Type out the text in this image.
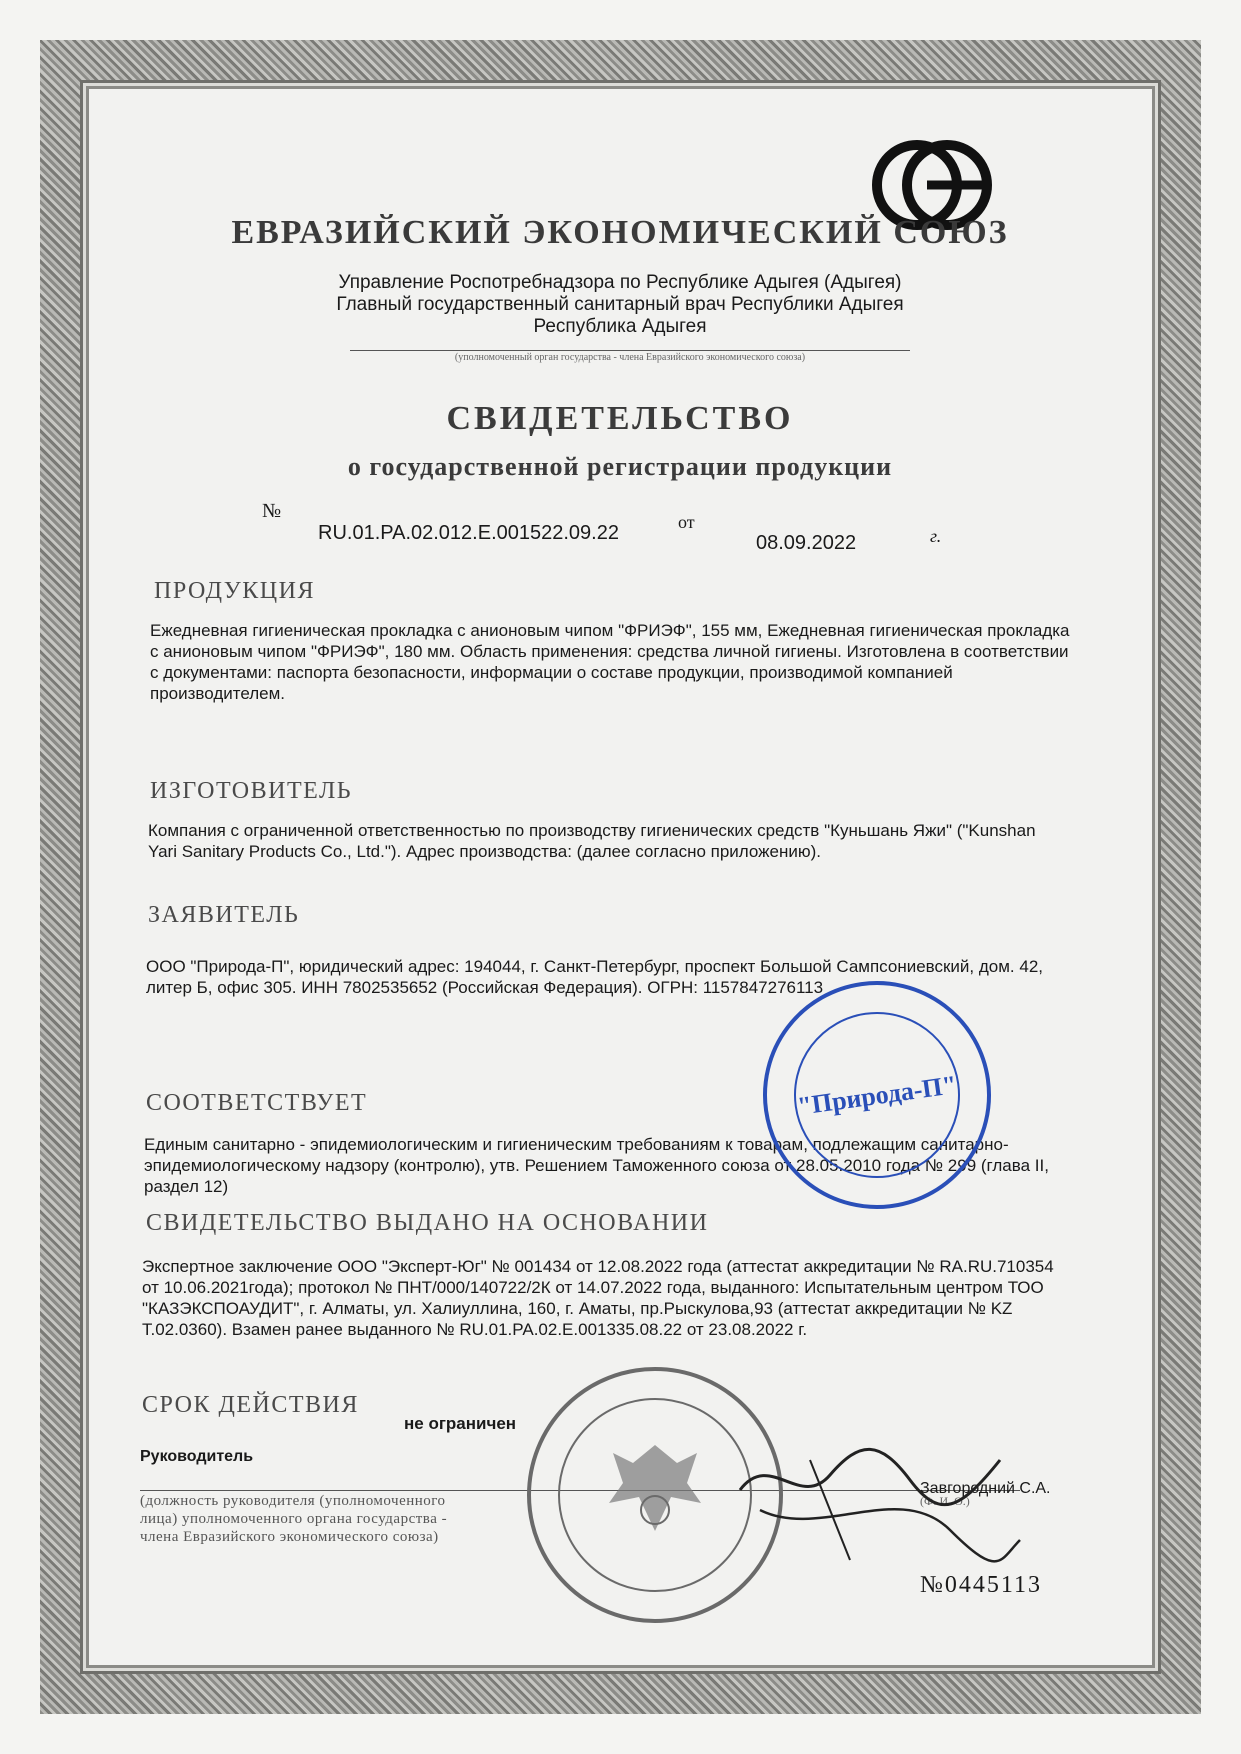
ЕВРАЗИЙСКИЙ ЭКОНОМИЧЕСКИЙ СОЮЗ
Управление Роспотребнадзора по Республике Адыгея (Адыгея)
Главный государственный санитарный врач Республики Адыгея
Республика Адыгея
(уполномоченный орган государства - члена Евразийского экономического союза)
СВИДЕТЕЛЬСТВО
о государственной регистрации продукции
№
RU.01.PA.02.012.E.001522.09.22	от
08.09.2022	г.
ПРОДУКЦИЯ
Ежедневная гигиеническая прокладка с анионовым чипом "ФРИЭФ", 155 мм, Ежедневная гигиеническая прокладка с анионовым чипом "ФРИЭФ", 180 мм. Область применения: средства личной гигиены. Изготовлена в соответствии с документами: паспорта безопасности, информации о составе продукции, производимой компанией производителем.
ИЗГОТОВИТЕЛЬ
Компания с ограниченной ответственностью по производству гигиенических средств "Куньшань Яжи" ("Kunshan Yari Sanitary Products Co., Ltd."). Адрес производства: (далее согласно приложению).
ЗАЯВИТЕЛЬ
ООО "Природа-П", юридический адрес: 194044, г. Санкт-Петербург, проспект Большой Сампсониевский, дом. 42, литер Б, офис 305. ИНН 7802535652 (Российская Федерация). ОГРН: 1157847276113
СООТВЕТСТВУЕТ
Единым санитарно - эпидемиологическим и гигиеническим требованиям к товарам, подлежащим санитарно-эпидемиологическому надзору (контролю), утв. Решением Таможенного союза от 28.05.2010 года № 299 (глава II, раздел 12)
СВИДЕТЕЛЬСТВО ВЫДАНО НА ОСНОВАНИИ
Экспертное заключение ООО "Эксперт-Юг" № 001434 от 12.08.2022 года (аттестат аккредитации № RA.RU.710354 от 10.06.2021года); протокол № ПНТ/000/140722/2К от 14.07.2022 года, выданного: Испытательным центром ТОО "КАЗЭКСПОАУДИТ", г. Алматы, ул. Халиуллина, 160, г. Аматы, пр.Рыскулова,93 (аттестат аккредитации № KZ T.02.0360). Взамен ранее выданного № RU.01.PA.02.E.001335.08.22 от 23.08.2022 г.
СРОК ДЕЙСТВИЯ
не ограничен
Руководитель
(должность руководителя (уполномоченного
лица) уполномоченного органа государства -
члена Евразийского экономического союза)
Завгородний С.А.
(Ф. И. О.)
"Природа-П"
№0445113
